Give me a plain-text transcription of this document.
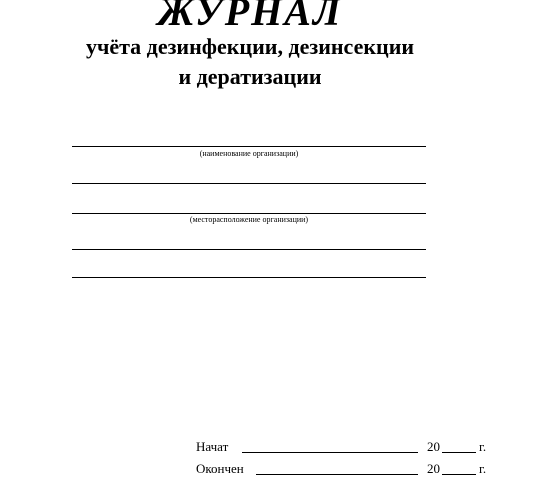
ЖУРНАЛ
учёта дезинфекции, дезинсекции
и дератизации
(наименование организации)
(месторасположение организации)
Начат	20	г.
Окончен	20	г.
